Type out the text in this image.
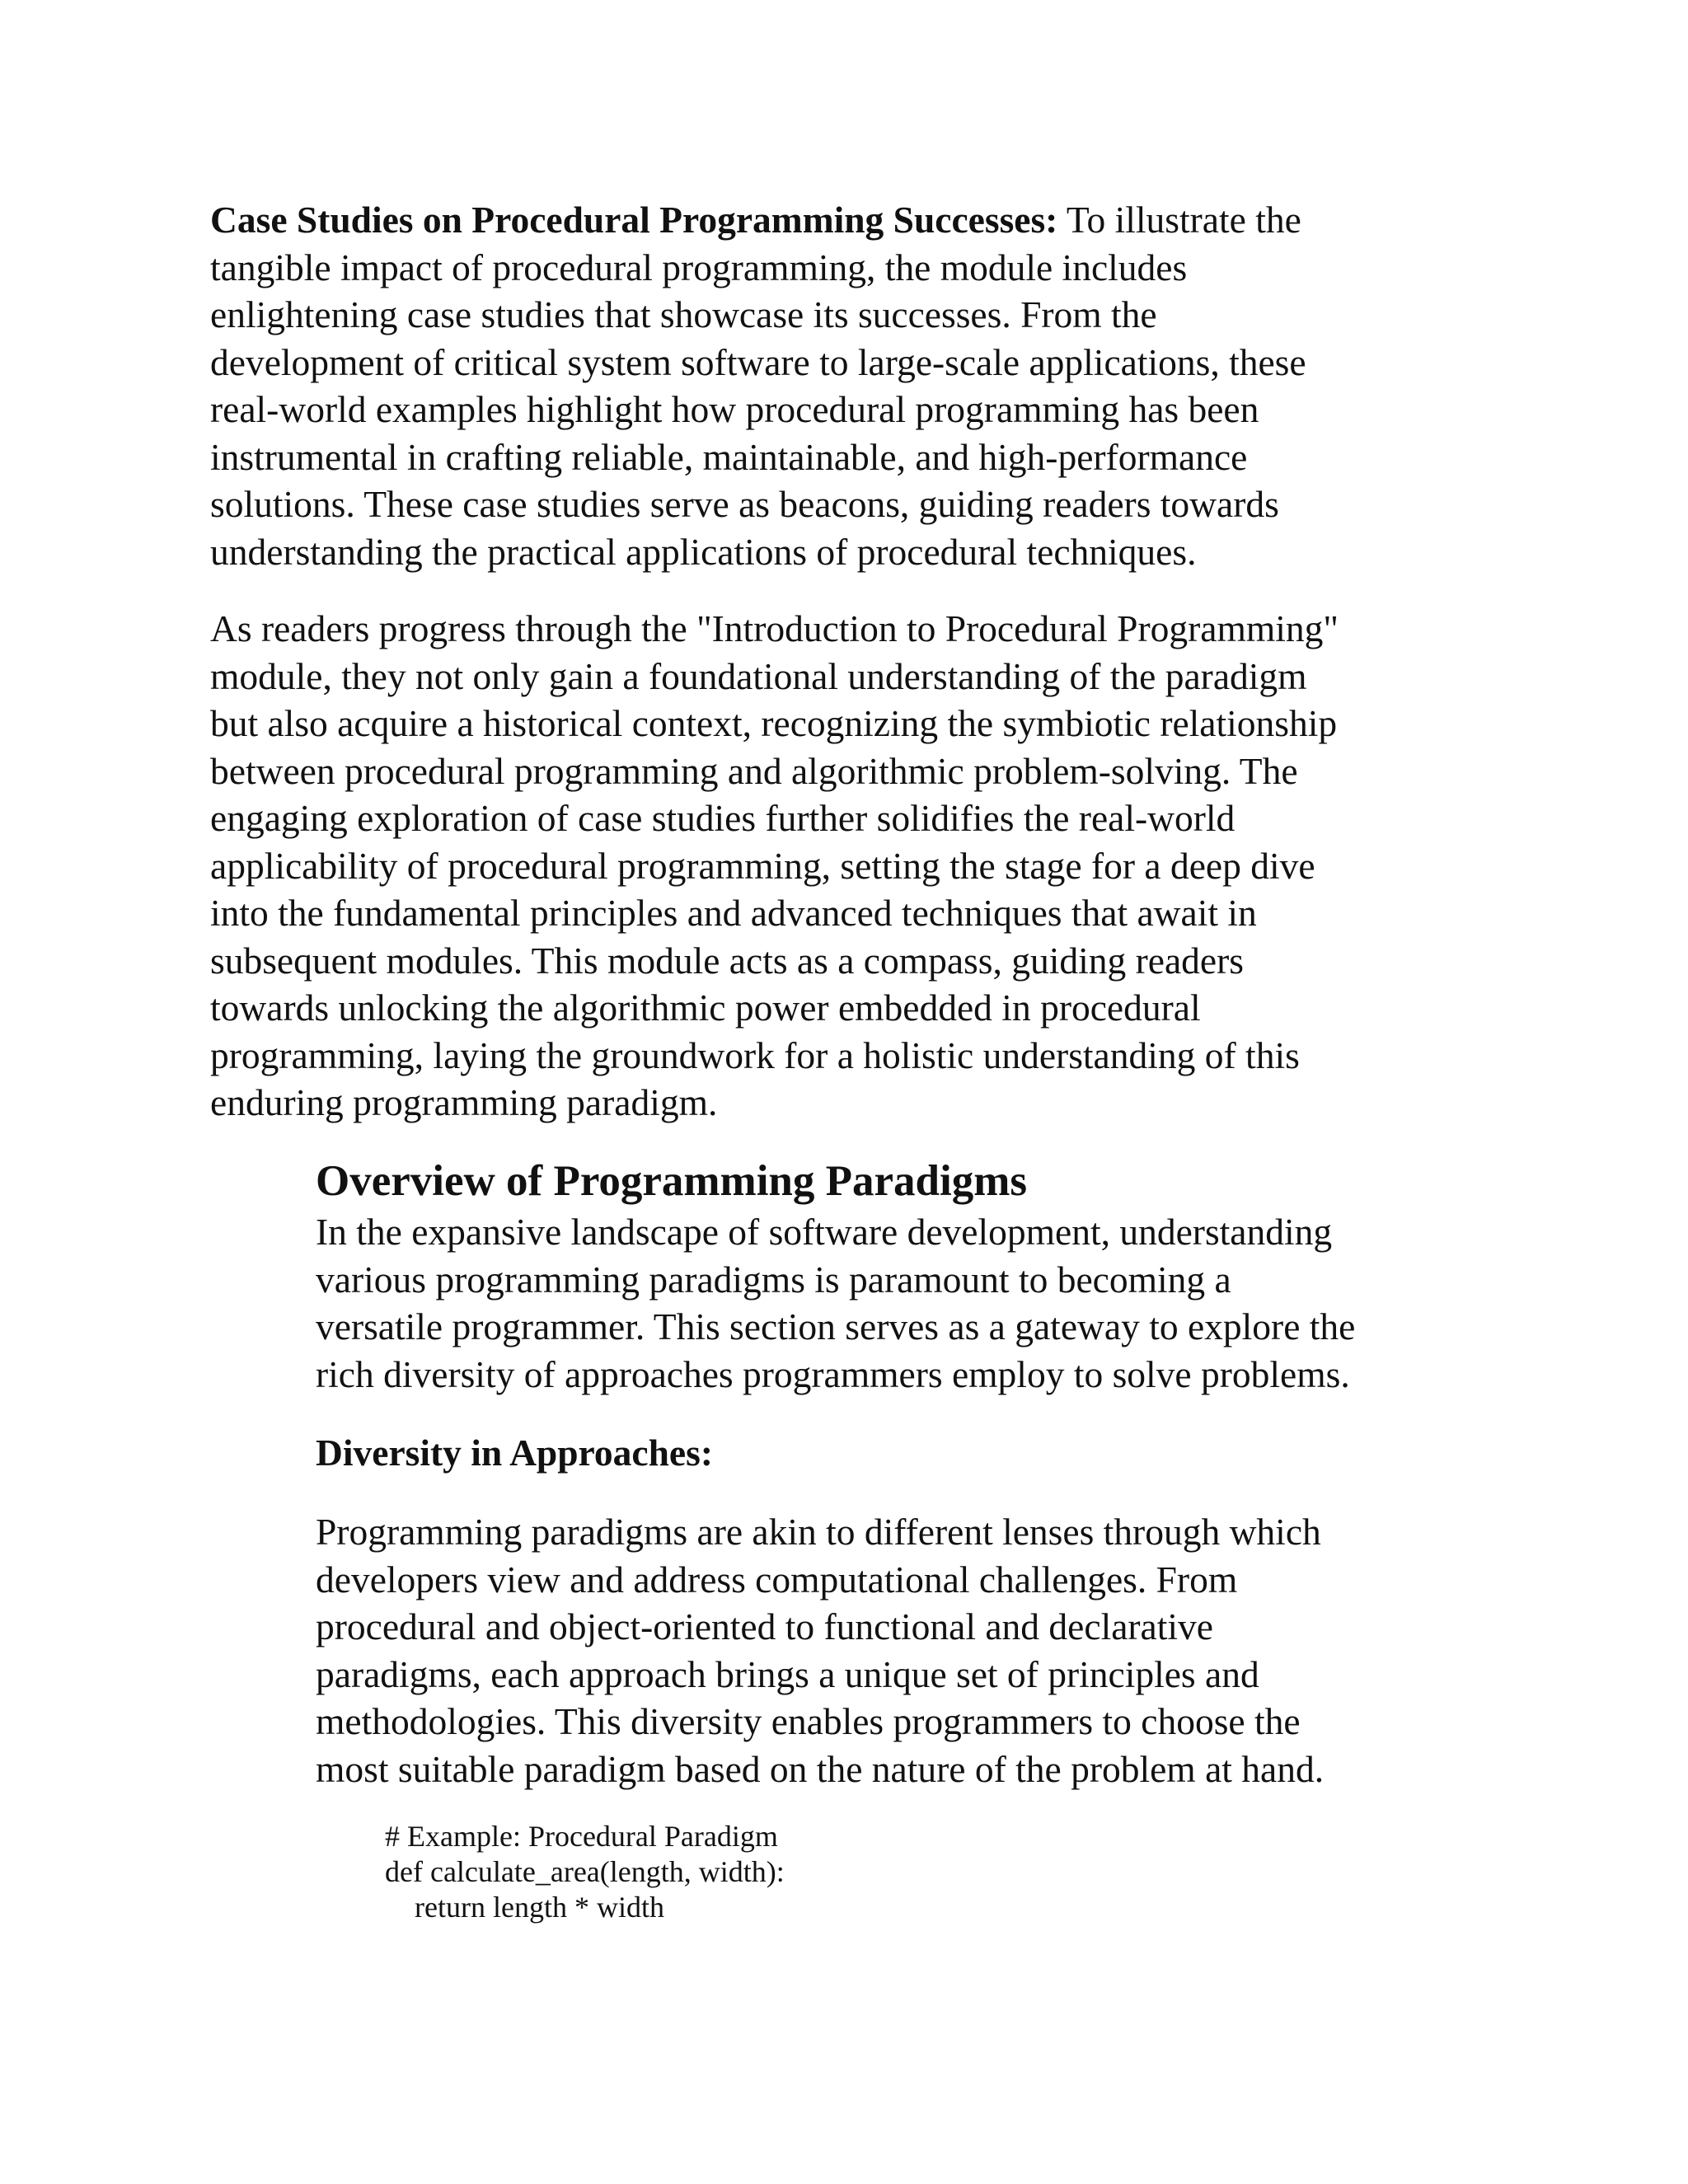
Case Studies on Procedural Programming Successes: To illustrate the
tangible impact of procedural programming, the module includes
enlightening case studies that showcase its successes. From the
development of critical system software to large-scale applications, these
real-world examples highlight how procedural programming has been
instrumental in crafting reliable, maintainable, and high-performance
solutions. These case studies serve as beacons, guiding readers towards
understanding the practical applications of procedural techniques.

As readers progress through the "Introduction to Procedural Programming"
module, they not only gain a foundational understanding of the paradigm
but also acquire a historical context, recognizing the symbiotic relationship
between procedural programming and algorithmic problem-solving. The
engaging exploration of case studies further solidifies the real-world
applicability of procedural programming, setting the stage for a deep dive
into the fundamental principles and advanced techniques that await in
subsequent modules. This module acts as a compass, guiding readers
towards unlocking the algorithmic power embedded in procedural
programming, laying the groundwork for a holistic understanding of this
enduring programming paradigm.

Overview of Programming Paradigms

In the expansive landscape of software development, understanding
various programming paradigms is paramount to becoming a
versatile programmer. This section serves as a gateway to explore the
rich diversity of approaches programmers employ to solve problems.

Diversity in Approaches:

Programming paradigms are akin to different lenses through which
developers view and address computational challenges. From
procedural and object-oriented to functional and declarative
paradigms, each approach brings a unique set of principles and
methodologies. This diversity enables programmers to choose the
most suitable paradigm based on the nature of the problem at hand.

# Example: Procedural Paradigm
def calculate_area(length, width):
return length * width
